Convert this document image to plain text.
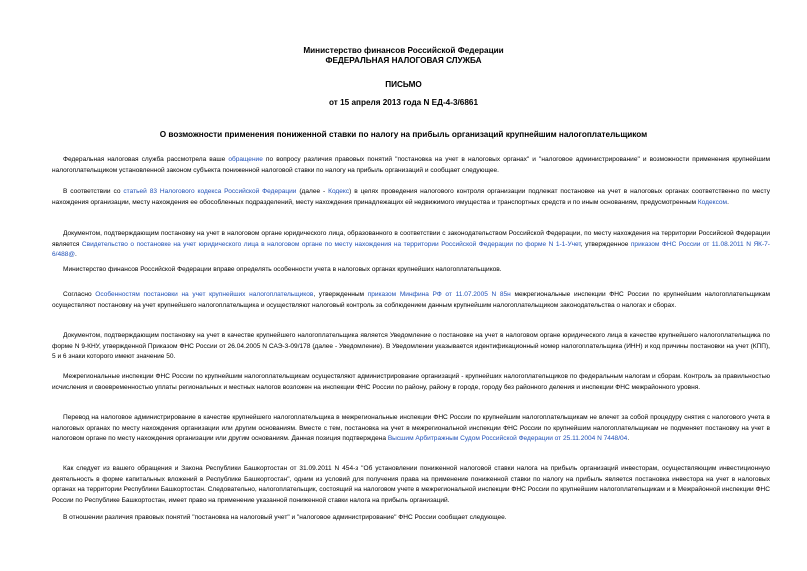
Министерство финансов Российской Федерации
ФЕДЕРАЛЬНАЯ НАЛОГОВАЯ СЛУЖБА
ПИСЬМО
от 15 апреля 2013 года N ЕД-4-3/6861
О возможности применения пониженной ставки по налогу на прибыль организаций крупнейшим налогоплательщиком
Федеральная налоговая служба рассмотрела ваше обращение по вопросу различия правовых понятий "постановка на учет в налоговых органах" и "налоговое администрирование" и возможности применения крупнейшим налогоплательщиком установленной законом субъекта пониженной налоговой ставки по налогу на прибыль организаций и сообщает следующее.
В соответствии со статьей 83 Налогового кодекса Российской Федерации (далее - Кодекс) в целях проведения налогового контроля организации подлежат постановке на учет в налоговых органах соответственно по месту нахождения организации, месту нахождения ее обособленных подразделений, месту нахождения принадлежащих ей недвижимого имущества и транспортных средств и по иным основаниям, предусмотренным Кодексом.
Документом, подтверждающим постановку на учет в налоговом органе юридического лица, образованного в соответствии с законодательством Российской Федерации, по месту нахождения на территории Российской Федерации является Свидетельство о постановке на учет юридического лица в налоговом органе по месту нахождения на территории Российской Федерации по форме N 1-1-Учет, утвержденное приказом ФНС России от 11.08.2011 N ЯК-7-6/488@.
Министерство финансов Российской Федерации вправе определять особенности учета в налоговых органах крупнейших налогоплательщиков.
Согласно Особенностям постановки на учет крупнейших налогоплательщиков, утвержденным приказом Минфина РФ от 11.07.2005 N 85н межрегиональные инспекции ФНС России по крупнейшим налогоплательщикам осуществляют постановку на учет крупнейшего налогоплательщика и осуществляют налоговый контроль за соблюдением данным крупнейшим налогоплательщиком законодательства о налогах и сборах.
Документом, подтверждающим постановку на учет в качестве крупнейшего налогоплательщика является Уведомление о постановке на учет в налоговом органе юридического лица в качестве крупнейшего налогоплательщика по форме N 9-КНУ, утвержденной Приказом ФНС России от 26.04.2005 N САЭ-3-09/178 (далее - Уведомление). В Уведомлении указывается идентификационный номер налогоплательщика (ИНН) и код причины постановки на учет (КПП), 5 и 6 знаки которого имеют значение 50.
Межрегиональные инспекции ФНС России по крупнейшим налогоплательщикам осуществляют администрирование организаций - крупнейших налогоплательщиков по федеральным налогам и сборам. Контроль за правильностью исчисления и своевременностью уплаты региональных и местных налогов возложен на инспекции ФНС России по району, району в городе, городу без районного деления и инспекции ФНС межрайонного уровня.
Перевод на налоговое администрирование в качестве крупнейшего налогоплательщика в межрегиональные инспекции ФНС России по крупнейшим налогоплательщикам не влечет за собой процедуру снятия с налогового учета в налоговых органах по месту нахождения организации или другим основаниям. Вместе с тем, постановка на учет в межрегиональной инспекции ФНС России по крупнейшим налогоплательщикам не подменяет постановку на учет в налоговом органе по месту нахождения организации или другим основаниям. Данная позиция подтверждена Высшим Арбитражным Судом Российской Федерации от 25.11.2004 N 7448/04.
Как следует из вашего обращения и Закона Республики Башкортостан от 31.09.2011 N 454-з "Об установлении пониженной налоговой ставки налога на прибыль организаций инвесторам, осуществляющим инвестиционную деятельность в форме капитальных вложений в Республике Башкортостан", одним из условий для получения права на применение пониженной ставки по налогу на прибыль является постановка инвестора на учет в налоговых органах на территории Республики Башкортостан. Следовательно, налогоплательщик, состоящий на налоговом учете в межрегиональной инспекции ФНС России по крупнейшим налогоплательщикам и в Межрайонной инспекции ФНС России по Республике Башкортостан, имеет право на применение указанной пониженной ставки налога на прибыль организаций.
В отношении различия правовых понятий "постановка на налоговый учет" и "налоговое администрирование" ФНС России сообщает следующее.
